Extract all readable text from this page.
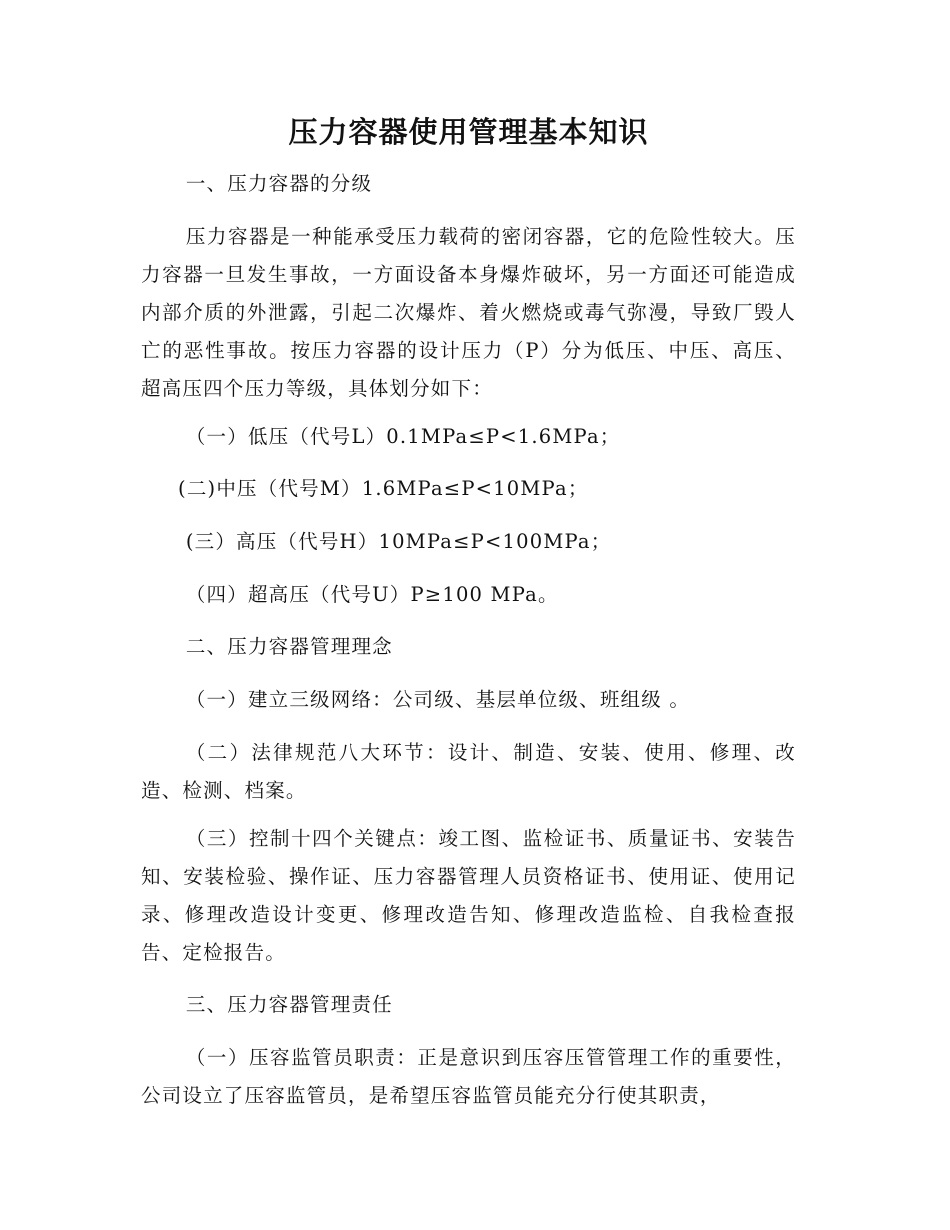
压力容器使用管理基本知识
一、压力容器的分级
压力容器是一种能承受压力载荷的密闭容器，它的危险性较大。压力容器一旦发生事故，一方面设备本身爆炸破坏，另一方面还可能造成内部介质的外泄露，引起二次爆炸、着火燃烧或毒气弥漫，导致厂毁人亡的恶性事故。按压力容器的设计压力（P）分为低压、中压、高压、超高压四个压力等级，具体划分如下：
（一）低压（代号L）0.1MPa≤P<1.6MPa；
(二)中压（代号M）1.6MPa≤P<10MPa；
(三）高压（代号H）10MPa≤P<100MPa；
（四）超高压（代号U）P≥100 MPa。
二、压力容器管理理念
（一）建立三级网络：公司级、基层单位级、班组级 。
（二）法律规范八大环节：设计、制造、安装、使用、修理、改造、检测、档案。
（三）控制十四个关键点：竣工图、监检证书、质量证书、安装告知、安装检验、操作证、压力容器管理人员资格证书、使用证、使用记录、修理改造设计变更、修理改造告知、修理改造监检、自我检查报告、定检报告。
三、压力容器管理责任
（一）压容监管员职责：正是意识到压容压管管理工作的重要性，公司设立了压容监管员，是希望压容监管员能充分行使其职责，
